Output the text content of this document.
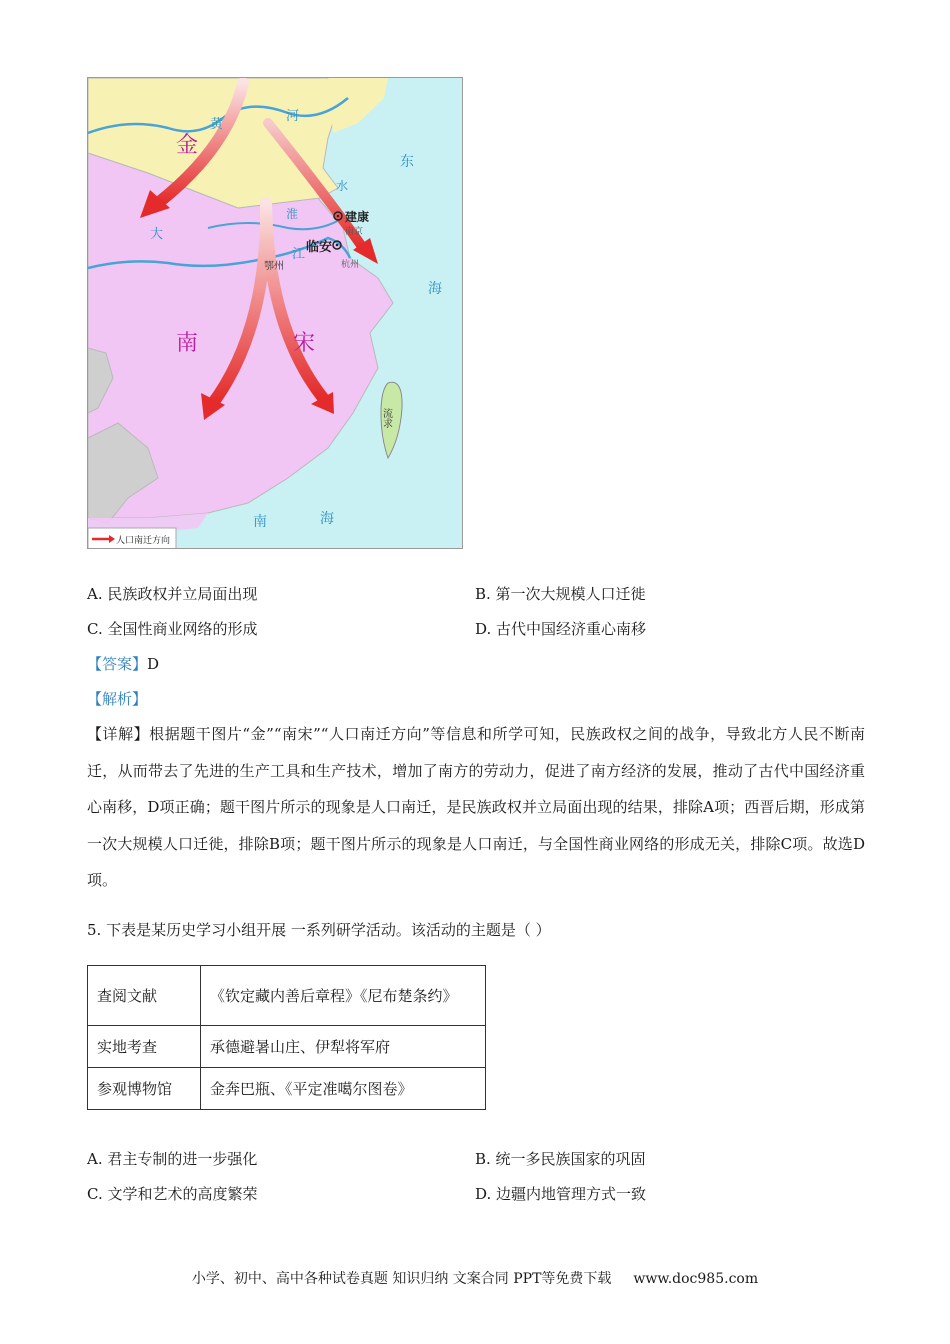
金
黄
河
东
水
淮	建康
南京
临安
杭州
大
江
鄂州
海
南	宋
流求
南	海
人口南迁方向
A. 民族政权并立局面出现	B. 第一次大规模人口迁徙
C. 全国性商业网络的形成	D. 古代中国经济重心南移
【答案】D
【解析】
【详解】根据题干图片“金”“南宋”“人口南迁方向”等信息和所学可知，民族政权之间的战争，导致北方人民不断南迁，从而带去了先进的生产工具和生产技术，增加了南方的劳动力，促进了南方经济的发展，推动了古代中国经济重心南移，D项正确；题干图片所示的现象是人口南迁，是民族政权并立局面出现的结果，排除A项；西晋后期，形成第一次大规模人口迁徙，排除B项；题干图片所示的现象是人口南迁，与全国性商业网络的形成无关，排除C项。故选D项。
5. 下表是某历史学习小组开展 一系列研学活动。该活动的主题是（ ）
查阅文献	《钦定藏内善后章程》《尼布楚条约》
实地考查	承德避暑山庄、伊犁将军府
参观博物馆	金奔巴瓶、《平定准噶尔图卷》
A. 君主专制的进一步强化	B. 统一多民族国家的巩固
C. 文学和艺术的高度繁荣	D. 边疆内地管理方式一致
小学、初中、高中各种试卷真题 知识归纳 文案合同 PPT等免费下载 www.doc985.com
